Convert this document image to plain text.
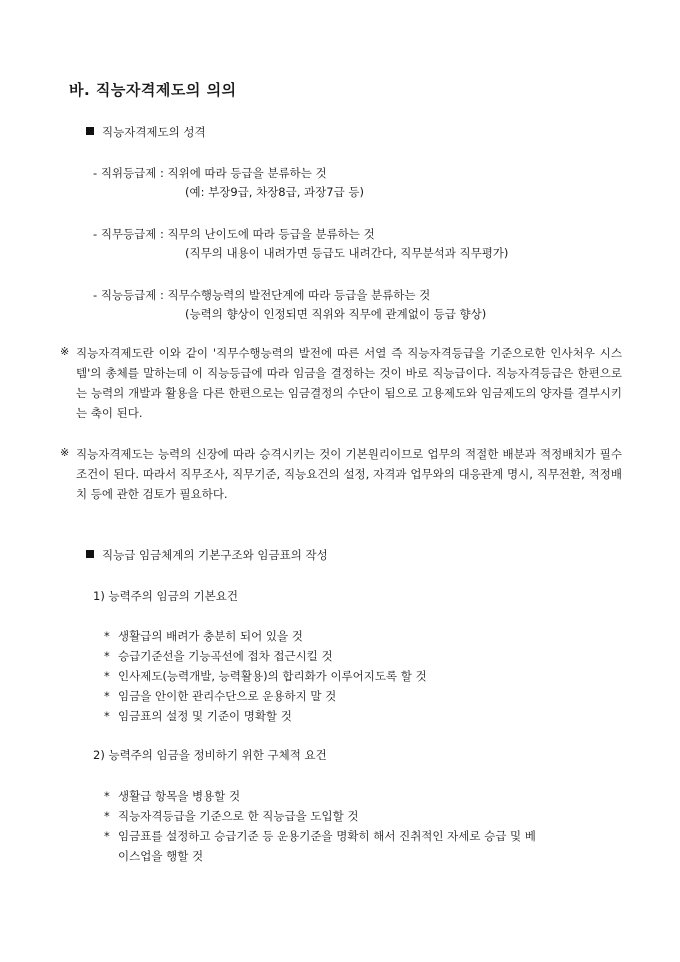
바. 직능자격제도의 의의
직능자격제도의 성격
- 직위등급제 : 직위에 따라 등급을 분류하는 것
(예: 부장9급, 차장8급, 과장7급 등)
- 직무등급제 : 직무의 난이도에 따라 등급을 분류하는 것
(직무의 내용이 내려가면 등급도 내려간다, 직무분석과 직무평가)
- 직능등급제 : 직무수행능력의 발전단계에 따라 등급을 분류하는 것
(능력의 향상이 인정되면 직위와 직무에 관계없이 등급 향상)
※ 직능자격제도란 이와 같이 '직무수행능력의 발전에 따른 서열 즉 직능자격등급을 기준으로한 인사처우 시스템'의 총체를 말하는데 이 직능등급에 따라 임금을 결정하는 것이 바로 직능급이다. 직능자격등급은 한편으로는 능력의 개발과 활용을 다른 한편으로는 임금결정의 수단이 됨으로 고용제도와 임금제도의 양자를 결부시키는 축이 된다.
※ 직능자격제도는 능력의 신장에 따라 승격시키는 것이 기본원리이므로 업무의 적절한 배분과 적정배치가 필수조건이 된다. 따라서 직무조사, 직무기준, 직능요건의 설정, 자격과 업무와의 대응관계 명시, 직무전환, 적정배치 등에 관한 검토가 필요하다.
직능급 임금체계의 기본구조와 임금표의 작성
1) 능력주의 임금의 기본요건
* 생활급의 배려가 충분히 되어 있을 것
* 승급기준선을 기능곡선에 접차 접근시킬 것
* 인사제도(능력개발, 능력활용)의 합리화가 이루어지도록 할 것
* 임금을 안이한 관리수단으로 운용하지 말 것
* 임금표의 설정 및 기준이 명확할 것
2) 능력주의 임금을 정비하기 위한 구체적 요건
* 생활급 항목을 병용할 것
* 직능자격등급을 기준으로 한 직능급을 도입할 것
* 임금표를 설정하고 승급기준 등 운용기준을 명확히 해서 진취적인 자세로 승급 및 베
이스업을 행할 것
